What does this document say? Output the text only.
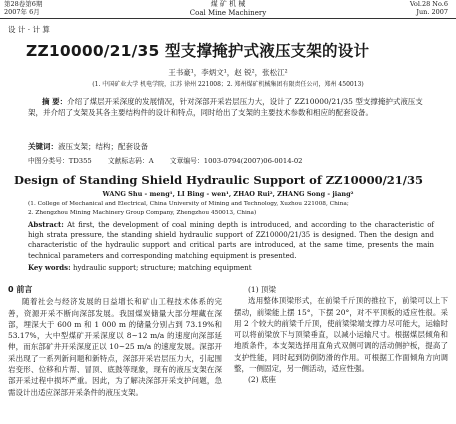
第28卷第6期
2007年 6月
煤 矿 机 械
Coal Mine Machinery
Vol.28 No.6
Jun. 2007
设 计 · 计 算
ZZ10000/21/35 型支撑掩护式液压支架的设计
王书豪¹，李炳文¹，赵 锐²，张松江²
(1. 中国矿业大学 机电学院，江苏 徐州 221008；2. 郑州煤矿机械集团有限责任公司，郑州 450013)
摘 要：介绍了煤层开采深度的发展情况，针对深部开采岩层压力大，设计了 ZZ10000/21/35 型支撑掩护式液压支架，并介绍了支架及其各主要结构件的设计和特点，同时给出了支架的主要技术参数和相应的配套设备。
关键词：液压支架；结构；配套设备
中图分类号：TD355 文献标志码：A 文章编号：1003-0794(2007)06-0014-02
Design of Standing Shield Hydraulic Support of ZZ10000/21/35
WANG Shu - meng¹, LI Bing - wen¹, ZHAO Rui², ZHANG Song - jiang²
(1. College of Mechanical and Electrical, China University of Mining and Technology, Xuzhou 221008, China;
2. Zhengzhou Mining Machinery Group Company, Zhengzhou 450013, China)
Abstract: At first, the development of coal mining depth is introduced, and according to the characteristic of high strata pressure, the standing shield hydraulic support of ZZ10000/21/35 is designed. Then the design and characteristic of the hydraulic support and critical parts are introduced, at the same time, presents the main technical parameters and corresponding matching equipment is presented.
Key words: hydraulic support; structure; matching equipment
0 前言
随着社会与经济发展的日益增长和矿山工程技术体系的完善，资源开采不断向深部发展。我国煤炭储量大部分埋藏在深部，埋深大于 600 m 和 1 000 m 的储量分别占到 73.19%和 53.17%，大中型煤矿开采深度以 8~12 m/a 的速度向深部延伸，而东部矿井开采深度正以 10~25 m/a 的速度发展。深部开采出现了一系列新问题和新特点，深部开采岩层压力大，引起围岩变形、位移和片帮、冒顶、底鼓等现象，现有的液压支架在深部开采过程中损坏严重。因此，为了解决深部开采支护问题，急需设计出适应深部开采条件的液压支架。
(1) 顶梁
选用整体顶梁形式，在前梁千斤顶的推拉下，前梁可以上下摆动，前梁能上摆 15°，下摆 20°，对不平顶板的适应性很。采用 2 个较大的前梁千斤顶，使前梁梁端支撑力尽可能大，运输时可以将前梁放下与顶梁垂直，以减小运输尺寸。根据煤层倾角和地质条件，本支架选择用直角式双侧可调的活动侧护板，提高了支护性能，同时起到防倒防滑的作用。可根据工作面倾角方向调整，一侧固定，另一侧活动，适应性强。
(2) 底座
